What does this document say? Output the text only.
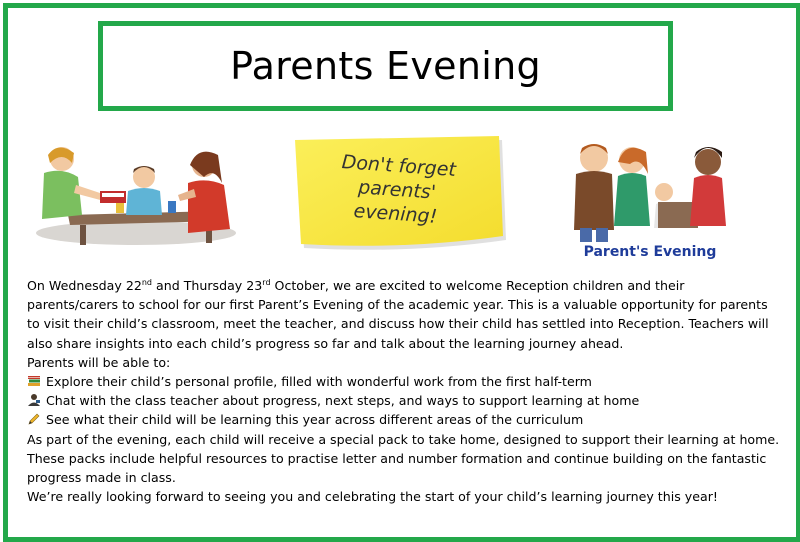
Parents Evening
Don't forget
parents'
evening!
Parent's Evening

On Wednesday 22nd and Thursday 23rd October, we are excited to welcome Reception children and their

parents/carers to school for our first Parent’s Evening of the academic year. This is a valuable opportunity for parents

to visit their child’s classroom, meet the teacher, and discuss how their child has settled into Reception. Teachers will

also share insights into each child’s progress so far and talk about the learning journey ahead.

Parents will be able to:

Explore their child’s personal profile, filled with wonderful work from the first half-term

Chat with the class teacher about progress, next steps, and ways to support learning at home

See what their child will be learning this year across different areas of the curriculum

As part of the evening, each child will receive a special pack to take home, designed to support their learning at home.

These packs include helpful resources to practise letter and number formation and continue building on the fantastic

progress made in class.

We’re really looking forward to seeing you and celebrating the start of your child’s learning journey this year!
